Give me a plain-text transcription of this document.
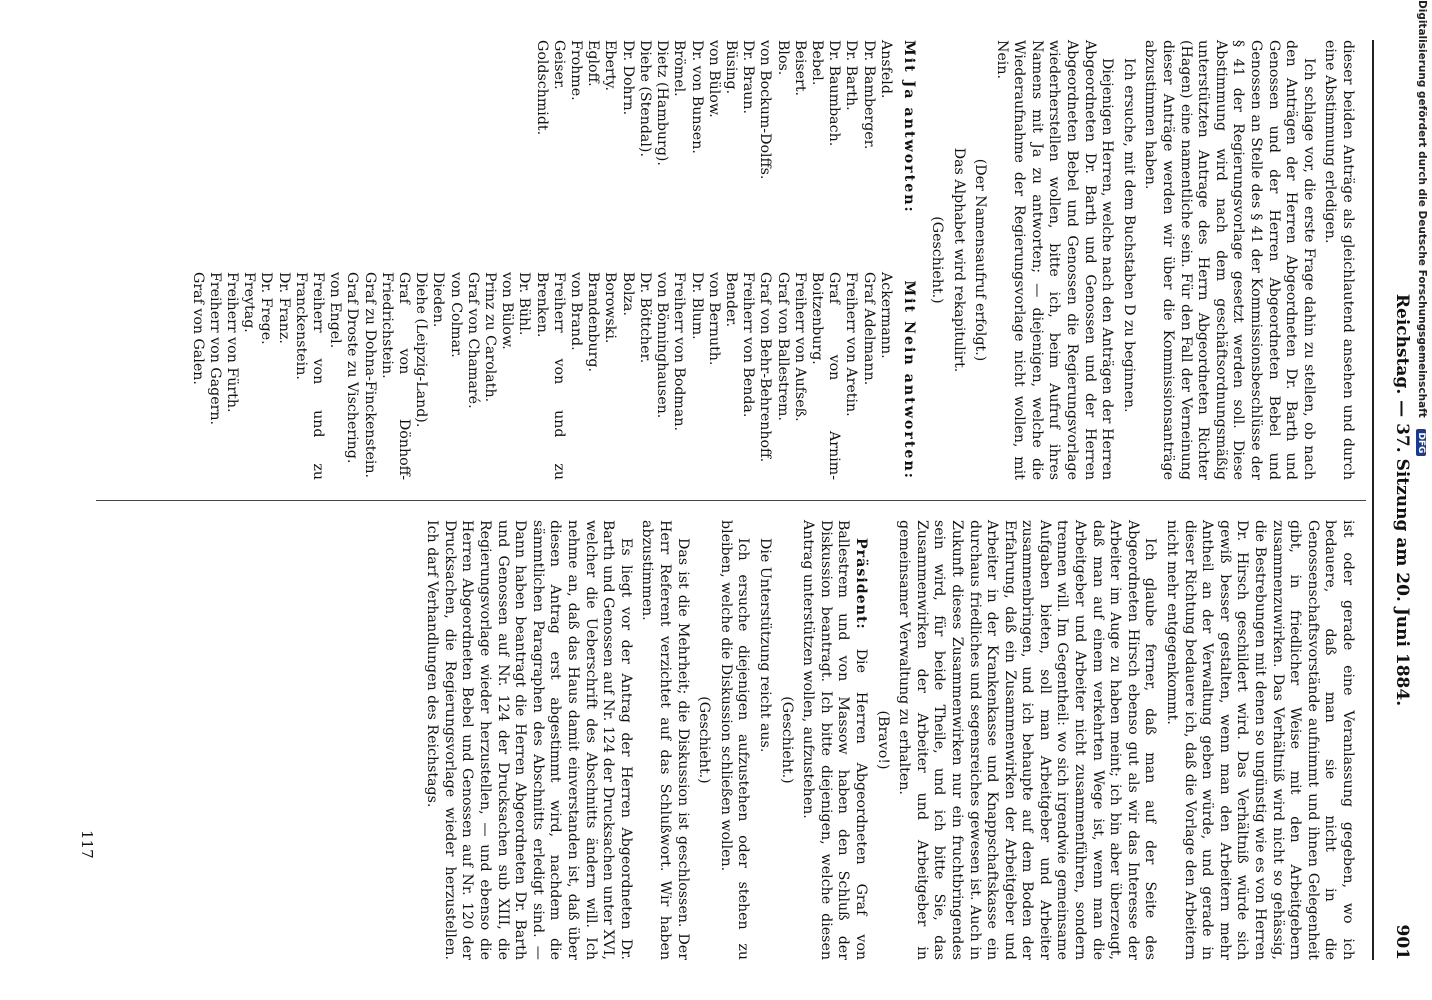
Digitalisierung gefördert durch die Deutsche Forschungsgemeinschaft DFG
Reichstag. — 37. Sitzung am 20. Juni 1884.
901

dieser beiden Anträge als gleichlautend ansehen und durch eine Abstimmung erledigen.

Ich schlage vor, die erste Frage dahin zu stellen, ob nach den Anträgen der Herren Abgeordneten Dr. Barth und Genossen und der Herren Abgeordneten Bebel und Genossen an Stelle des § 41 der Kommissionsbeschlüsse der § 41 der Regierungsvorlage gesetzt werden soll. Diese Abstimmung wird nach dem geschäftsordnungsmäßig unterstützten Antrage des Herrn Abgeordneten Richter (Hagen) eine namentliche sein. Für den Fall der Verneinung dieser Anträge werden wir über die Kommissionsanträge abzustimmen haben.

Ich ersuche, mit dem Buchstaben D zu beginnen.

Diejenigen Herren, welche nach den Anträgen der Herren Abgeordneten Dr. Barth und Genossen und der Herren Abgeordneten Bebel und Genossen die Regierungsvorlage wiederherstellen wollen, bitte ich, beim Aufruf ihres Namens mit Ja zu antworten; — diejenigen, welche die Wiederaufnahme der Regierungsvorlage nicht wollen, mit Nein.

(Der Namensaufruf erfolgt.)

Das Alphabet wird rekapitulirt.

(Geschieht.)

Mit Ja antworten:
Mit Nein antworten:
Ansfeld.
Dr. Bamberger.
Dr. Barth.
Dr. Baumbach.
Bebel.
Beisert.
Blos.
von Bockum-Dolffs.
Dr. Braun.
Büsing.
von Bülow.
Dr. von Bunsen.
Brömel.
Dietz (Hamburg).
Diehe (Stendal).
Dr. Dohrn.
Eberty.
Egloff.
Frohme.
Geiser.
Goldschmidt.
Ackermann.
Graf Adelmann.
Freiherr von Aretin.
Graf von Arnim-Boitzenburg.
Freiherr von Aufseß.
Graf von Ballestrem.
Graf von Behr-Behrenhoff.
Freiherr von Benda.
Bender.
von Bernuth.
Dr. Blum.
Freiherr von Bodman.
von Bönninghausen.
Dr. Böttcher.
Bolza.
Borowski.
Brandenburg.
von Brand.
Freiherr von und zu Brenken.
Dr. Bühl.
von Bülow.
Prinz zu Carolath.
Graf von Chamaré.
von Colmar.
Dieden.
Diehe (Leipzig-Land).
Graf von Dönhoff-Friedrichstein.
Graf zu Dohna-Finckenstein.
Graf Droste zu Vischering.
von Engel.
Freiherr von und zu Franckenstein.
Dr. Franz.
Dr. Frege.
Freytag.
Freiherr von Fürth.
Freiherr von Gagern.
Graf von Galen.

ist oder gerade eine Veranlassung gegeben, wo ich bedauere, daß man sie nicht in die Genossenschaftsvorstände aufnimmt und ihnen Gelegenheit gibt, in friedlicher Weise mit den Arbeitgebern zusammenzuwirken. Das Verhältniß wird nicht so gehässig, die Bestrebungen mit denen so ungünstig wie es von Herren Dr. Hirsch geschildert wird. Das Verhältniß würde sich gewiß besser gestalten, wenn man den Arbeitern mehr Antheil an der Verwaltung geben würde, und gerade in dieser Richtung bedauere ich, daß die Vorlage den Arbeitern nicht mehr entgegenkommt.

Ich glaube ferner, daß man auf der Seite des Abgeordneten Hirsch ebenso gut als wir das Interesse der Arbeiter im Auge zu haben meint; ich bin aber überzeugt, daß man auf einem verkehrten Wege ist, wenn man die Arbeitgeber und Arbeiter nicht zusammenführen, sondern trennen will. Im Gegentheil: wo sich irgendwie gemeinsame Aufgaben bieten, soll man Arbeitgeber und Arbeiter zusammenbringen, und ich behaupte auf dem Boden der Erfahrung, daß ein Zusammenwirken der Arbeitgeber und Arbeiter in der Krankenkasse und Knappschaftskasse ein durchaus friedliches und segensreiches gewesen ist. Auch in Zukunft dieses Zusammenwirken nur ein fruchtbringendes sein wird, für beide Theile, und ich bitte Sie, das Zusammenwirken der Arbeiter und Arbeitgeber in gemeinsamer Verwaltung zu erhalten.

(Bravo!)

Präsident: Die Herren Abgeordneten Graf von Ballestrem und von Massow haben den Schluß der Diskussion beantragt. Ich bitte diejenigen, welche diesen Antrag unterstützen wollen, aufzustehen.

(Geschieht.)

Die Unterstützung reicht aus.

Ich ersuche diejenigen aufzustehen oder stehen zu bleiben, welche die Diskussion schließen wollen.

(Geschieht.)

Das ist die Mehrheit; die Diskussion ist geschlossen. Der Herr Referent verzichtet auf das Schlußwort. Wir haben abzustimmen.

Es liegt vor der Antrag der Herren Abgeordneten Dr. Barth und Genossen auf Nr. 124 der Drucksachen unter XVI, welcher die Ueberschrift des Abschnitts ändern will. Ich nehme an, daß das Haus damit einverstanden ist, daß über diesen Antrag erst abgestimmt wird, nachdem die sämmtlichen Paragraphen des Abschnitts erledigt sind. — Dann haben beantragt die Herren Abgeordneten Dr. Barth und Genossen auf Nr. 124 der Drucksachen sub XIII, die Regierungsvorlage wieder herzustellen, — und ebenso die Herren Abgeordneten Bebel und Genossen auf Nr. 120 der Drucksachen, die Regierungsvorlage wieder herzustellen. Ich darf Verhandlungen des Reichstags.

117
